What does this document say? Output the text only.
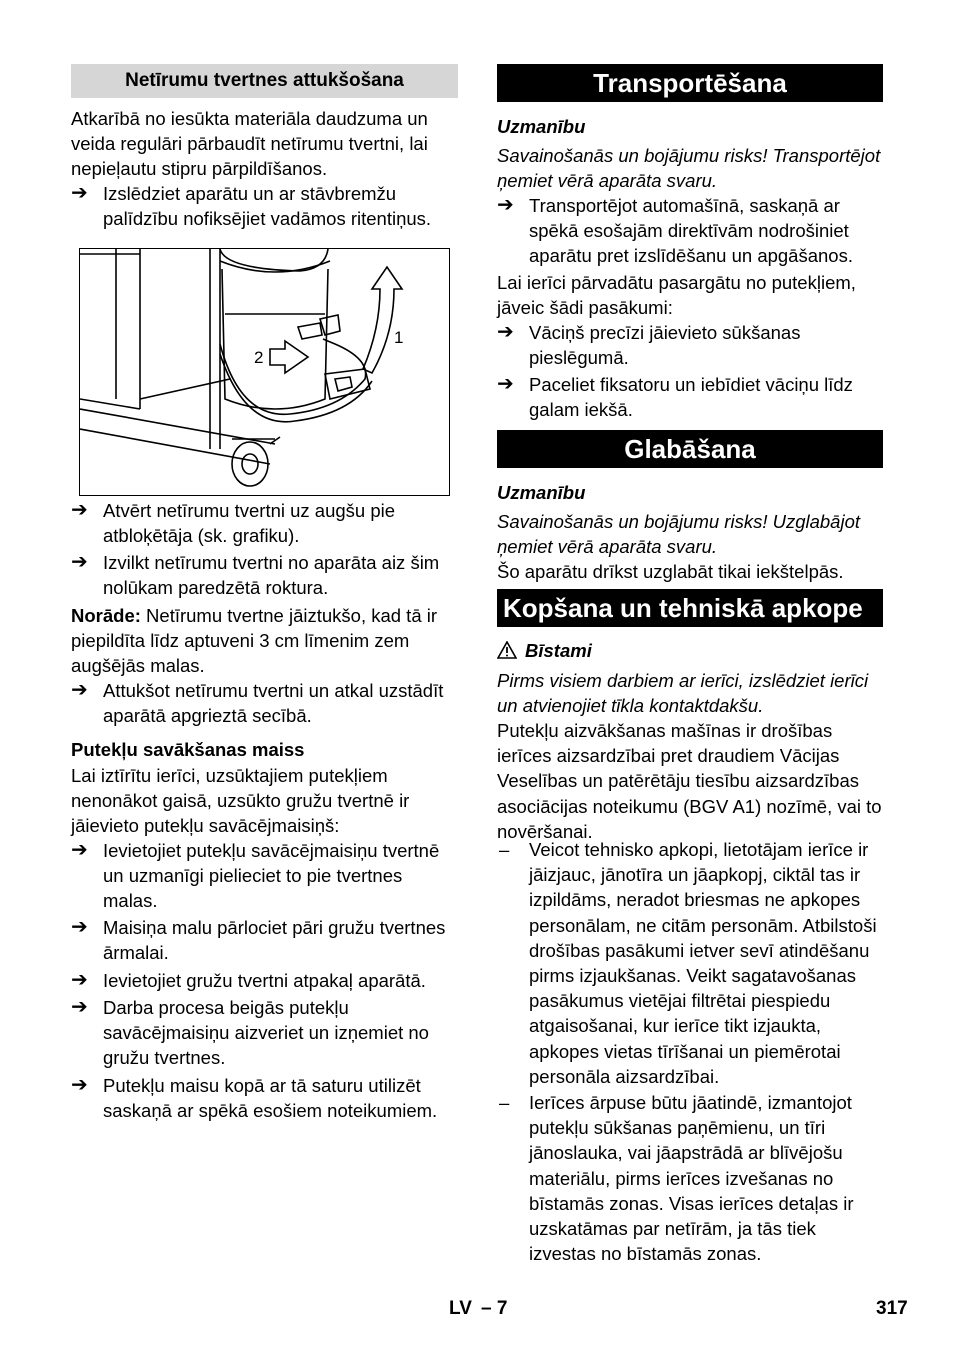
Netīrumu tvertnes attukšošana

Atkarībā no iesūkta materiāla daudzuma un veida regulāri pārbaudīt netīrumu tvertni, lai nepieļautu stipru pārpildīšanos.

➔ Izslēdziet aparātu un ar stāvbremžu palīdzību nofiksējiet vadāmos ritentiņus.
1
2
➔ Atvērt netīrumu tvertni uz augšu pie atbloķētāja (sk. grafiku).
➔ Izvilkt netīrumu tvertni no aparāta aiz šim nolūkam paredzētā roktura.

Norāde: Netīrumu tvertne jāiztukšo, kad tā ir piepildīta līdz aptuveni 3 cm līmenim zem augšējās malas.

➔ Attukšot netīrumu tvertni un atkal uzstādīt aparātā apgrieztā secībā.

Putekļu savākšanas maiss

Lai iztīrītu ierīci, uzsūktajiem putekļiem nenonākot gaisā, uzsūkto gružu tvertnē ir jāievieto putekļu savācējmaisiņš:

➔ Ievietojiet putekļu savācējmaisiņu tvertnē un uzmanīgi pielieciet to pie tvertnes malas.
➔ Maisiņa malu pārlociet pāri gružu tvertnes ārmalai.
➔ Ievietojiet gružu tvertni atpakaļ aparātā.
➔ Darba procesa beigās putekļu savācējmaisiņu aizveriet un izņemiet no gružu tvertnes.
➔ Putekļu maisu kopā ar tā saturu utilizēt saskaņā ar spēkā esošiem noteikumiem.
Transportēšana

Uzmanību

Savainošanās un bojājumu risks! Transportējot ņemiet vērā aparāta svaru.

➔ Transportējot automašīnā, saskaņā ar spēkā esošajām direktīvām nodrošiniet aparātu pret izslīdēšanu un apgāšanos.

Lai ierīci pārvadātu pasargātu no putekļiem, jāveic šādi pasākumi:

➔ Vāciņš precīzi jāievieto sūkšanas pieslēgumā.
➔ Paceliet fiksatoru un iebīdiet vāciņu līdz galam iekšā.
Glabāšana

Uzmanību

Savainošanās un bojājumu risks! Uzglabājot ņemiet vērā aparāta svaru.

Šo aparātu drīkst uzglabāt tikai iekštelpās.

Kopšana un tehniskā apkope

Bīstami

Pirms visiem darbiem ar ierīci, izslēdziet ierīci un atvienojiet tīkla kontaktdakšu.

Putekļu aizvākšanas mašīnas ir drošības ierīces aizsardzībai pret draudiem Vācijas Veselības un patērētāju tiesību aizsardzības asociācijas noteikumu (BGV A1) nozīmē, vai to novēršanai.

– Veicot tehnisko apkopi, lietotājam ierīce ir jāizjauc, jānotīra un jāapkopj, ciktāl tas ir izpildāms, neradot briesmas ne apkopes personālam, ne citām personām. Atbilstoši drošības pasākumi ietver sevī atindēšanu pirms izjaukšanas. Veikt sagatavošanas pasākumus vietējai filtrētai piespiedu atgaisošanai, kur ierīce tikt izjaukta, apkopes vietas tīrīšanai un piemērotai personāla aizsardzībai.
– Ierīces ārpuse būtu jāatindē, izmantojot putekļu sūkšanas paņēmienu, un tīri jānoslauka, vai jāapstrādā ar blīvējošu materiālu, pirms ierīces izvešanas no bīstamās zonas. Visas ierīces detaļas ir uzskatāmas par netīrām, ja tās tiek izvestas no bīstamās zonas.
LV – 7	317
